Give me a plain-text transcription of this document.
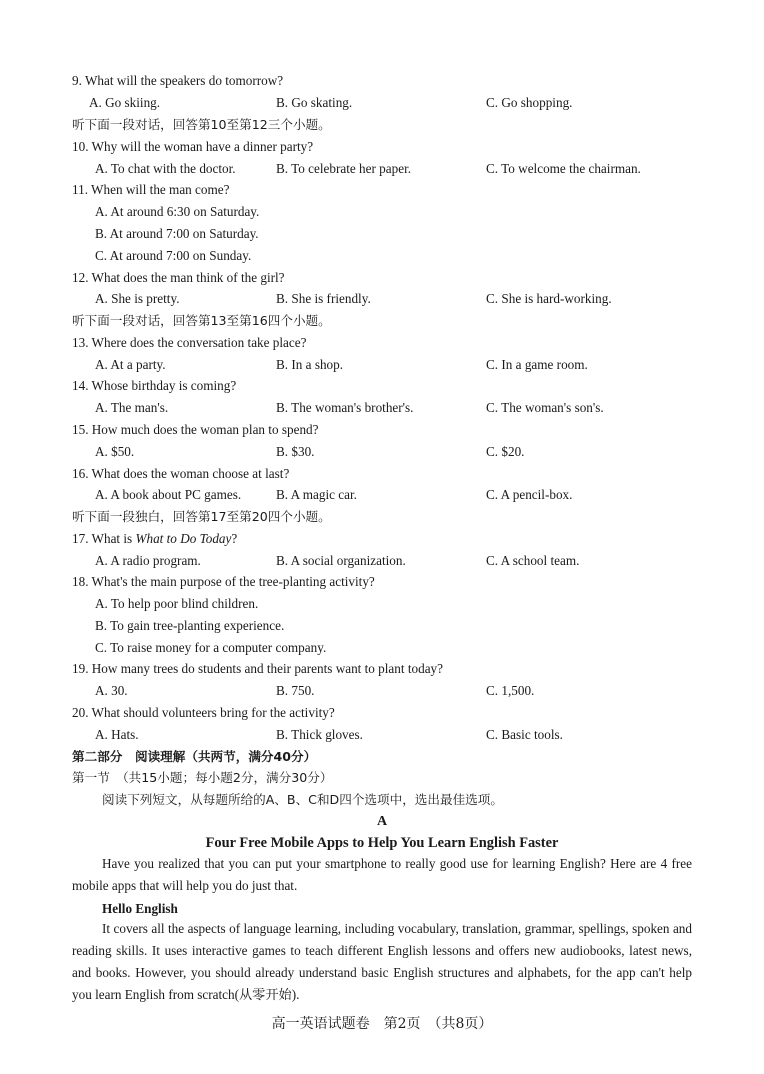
9. What will the speakers do tomorrow?
A. Go skiing.	B. Go skating.	C. Go shopping.
听下面一段对话，回答第10至第12三个小题。
10. Why will the woman have a dinner party?
A. To chat with the doctor.	B. To celebrate her paper.	C. To welcome the chairman.
11. When will the man come?
A. At around 6:30 on Saturday.
B. At around 7:00 on Saturday.
C. At around 7:00 on Sunday.
12. What does the man think of the girl?
A. She is pretty.	B. She is friendly.	C. She is hard-working.
听下面一段对话，回答第13至第16四个小题。
13. Where does the conversation take place?
A. At a party.	B. In a shop.	C. In a game room.
14. Whose birthday is coming?
A. The man's.	B. The woman's brother's.	C. The woman's son's.
15. How much does the woman plan to spend?
A. $50.	B. $30.	C. $20.
16. What does the woman choose at last?
A. A book about PC games.	B. A magic car.	C. A pencil-box.
听下面一段独白，回答第17至第20四个小题。
17. What is What to Do Today?
A. A radio program.	B. A social organization.	C. A school team.
18. What's the main purpose of the tree-planting activity?
A. To help poor blind children.
B. To gain tree-planting experience.
C. To raise money for a computer company.
19. How many trees do students and their parents want to plant today?
A. 30.	B. 750.	C. 1,500.
20. What should volunteers bring for the activity?
A. Hats.	B. Thick gloves.	C. Basic tools.
第二部分　阅读理解（共两节，满分40分）
第一节　（共15小题；每小题2分，满分30分）
阅读下列短文，从每题所给的A、B、C和D四个选项中，选出最佳选项。
A
Four Free Mobile Apps to Help You Learn English Faster
Have you realized that you can put your smartphone to really good use for learning English? Here are 4 free mobile apps that will help you do just that.
Hello English
It covers all the aspects of language learning, including vocabulary, translation, grammar, spellings, spoken and reading skills. It uses interactive games to teach different English lessons and offers new audiobooks, latest news, and books. However, you should already understand basic English structures and alphabets, for the app can't help you learn English from scratch(从零开始).
高一英语试题卷　第2页　（共8页）
